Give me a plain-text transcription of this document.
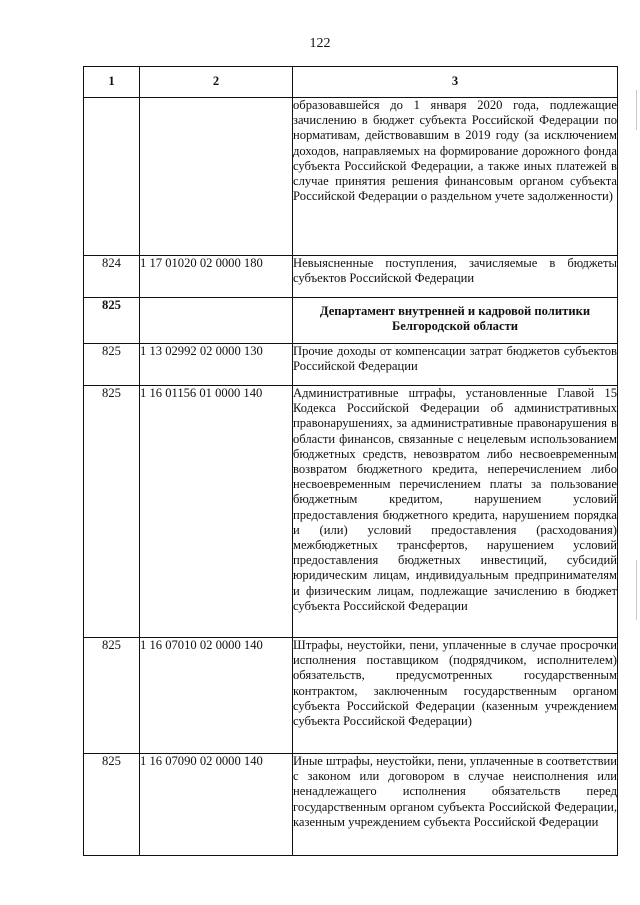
122
1	2	3
		образовавшейся до 1 января 2020 года, подлежащие зачислению в бюджет субъекта Российской Федерации по нормативам, действовавшим в 2019 году (за исключением доходов, направляемых на формирование дорожного фонда субъекта Российской Федерации, а также иных платежей в случае принятия решения финансовым органом субъекта Российской Федерации о раздельном учете задолженности)
824	1 17 01020 02 0000 180	Невыясненные поступления, зачисляемые в бюджеты субъектов Российской Федерации
825		Департамент внутренней и кадровой политики Белгородской области
825	1 13 02992 02 0000 130	Прочие доходы от компенсации затрат бюджетов субъектов Российской Федерации
825	1 16 01156 01 0000 140	Административные штрафы, установленные Главой 15 Кодекса Российской Федерации об административных правонарушениях, за административные правонарушения в области финансов, связанные с нецелевым использованием бюджетных средств, невозвратом либо несвоевременным возвратом бюджетного кредита, неперечислением либо несвоевременным перечислением платы за пользование бюджетным кредитом, нарушением условий предоставления бюджетного кредита, нарушением порядка и (или) условий предоставления (расходования) межбюджетных трансфертов, нарушением условий предоставления бюджетных инвестиций, субсидий юридическим лицам, индивидуальным предпринимателям и физическим лицам, подлежащие зачислению в бюджет субъекта Российской Федерации
825	1 16 07010 02 0000 140	Штрафы, неустойки, пени, уплаченные в случае просрочки исполнения поставщиком (подрядчиком, исполнителем) обязательств, предусмотренных государственным контрактом, заключенным государственным органом субъекта Российской Федерации (казенным учреждением субъекта Российской Федерации)
825	1 16 07090 02 0000 140	Иные штрафы, неустойки, пени, уплаченные в соответствии с законом или договором в случае неисполнения или ненадлежащего исполнения обязательств перед государственным органом субъекта Российской Федерации, казенным учреждением субъекта Российской Федерации
